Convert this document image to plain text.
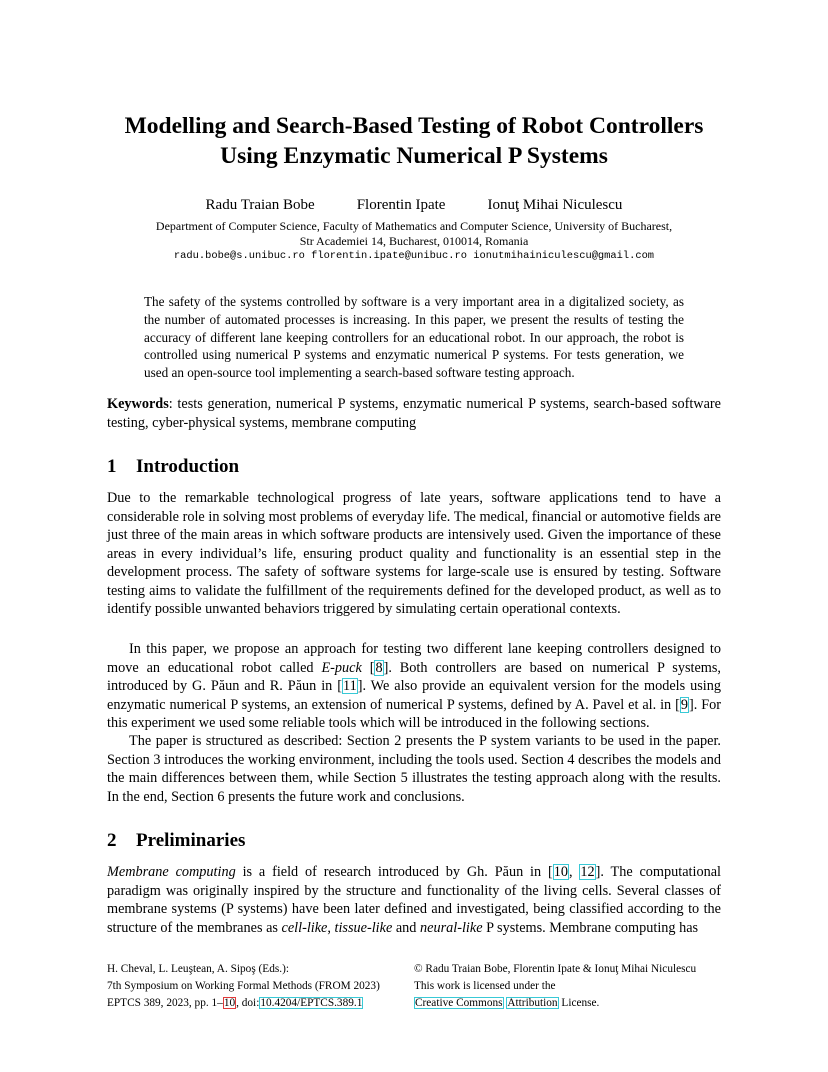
Modelling and Search-Based Testing of Robot Controllers
Using Enzymatic Numerical P Systems
Radu Traian Bobe	Florentin Ipate	Ionuţ Mihai Niculescu
Department of Computer Science, Faculty of Mathematics and Computer Science, University of Bucharest,
Str Academiei 14, Bucharest, 010014, Romania
radu.bobe@s.unibuc.ro florentin.ipate@unibuc.ro ionutmihainiculescu@gmail.com
The safety of the systems controlled by software is a very important area in a digitalized society, as the number of automated processes is increasing. In this paper, we present the results of testing the accuracy of different lane keeping controllers for an educational robot. In our approach, the robot is controlled using numerical P systems and enzymatic numerical P systems. For tests generation, we used an open-source tool implementing a search-based software testing approach.
Keywords: tests generation, numerical P systems, enzymatic numerical P systems, search-based software testing, cyber-physical systems, membrane computing
1 Introduction
Due to the remarkable technological progress of late years, software applications tend to have a considerable role in solving most problems of everyday life. The medical, financial or automotive fields are just three of the main areas in which software products are intensively used. Given the importance of these areas in every individual’s life, ensuring product quality and functionality is an essential step in the development process. The safety of software systems for large-scale use is ensured by testing. Software testing aims to validate the fulfillment of the requirements defined for the developed product, as well as to identify possible unwanted behaviors triggered by simulating certain operational contexts.
In this paper, we propose an approach for testing two different lane keeping controllers designed to move an educational robot called E-puck [8]. Both controllers are based on numerical P systems, introduced by G. Păun and R. Păun in [11]. We also provide an equivalent version for the models using enzymatic numerical P systems, an extension of numerical P systems, defined by A. Pavel et al. in [9]. For this experiment we used some reliable tools which will be introduced in the following sections.
The paper is structured as described: Section 2 presents the P system variants to be used in the paper. Section 3 introduces the working environment, including the tools used. Section 4 describes the models and the main differences between them, while Section 5 illustrates the testing approach along with the results. In the end, Section 6 presents the future work and conclusions.
2 Preliminaries
Membrane computing is a field of research introduced by Gh. Păun in [10, 12]. The computational paradigm was originally inspired by the structure and functionality of the living cells. Several classes of membrane systems (P systems) have been later defined and investigated, being classified according to the structure of the membranes as cell-like, tissue-like and neural-like P systems. Membrane computing has
H. Cheval, L. Leuştean, A. Sipoş (Eds.):
7th Symposium on Working Formal Methods (FROM 2023)
EPTCS 389, 2023, pp. 1–10, doi:10.4204/EPTCS.389.1
© Radu Traian Bobe, Florentin Ipate & Ionuţ Mihai Niculescu
This work is licensed under the
Creative Commons Attribution License.
